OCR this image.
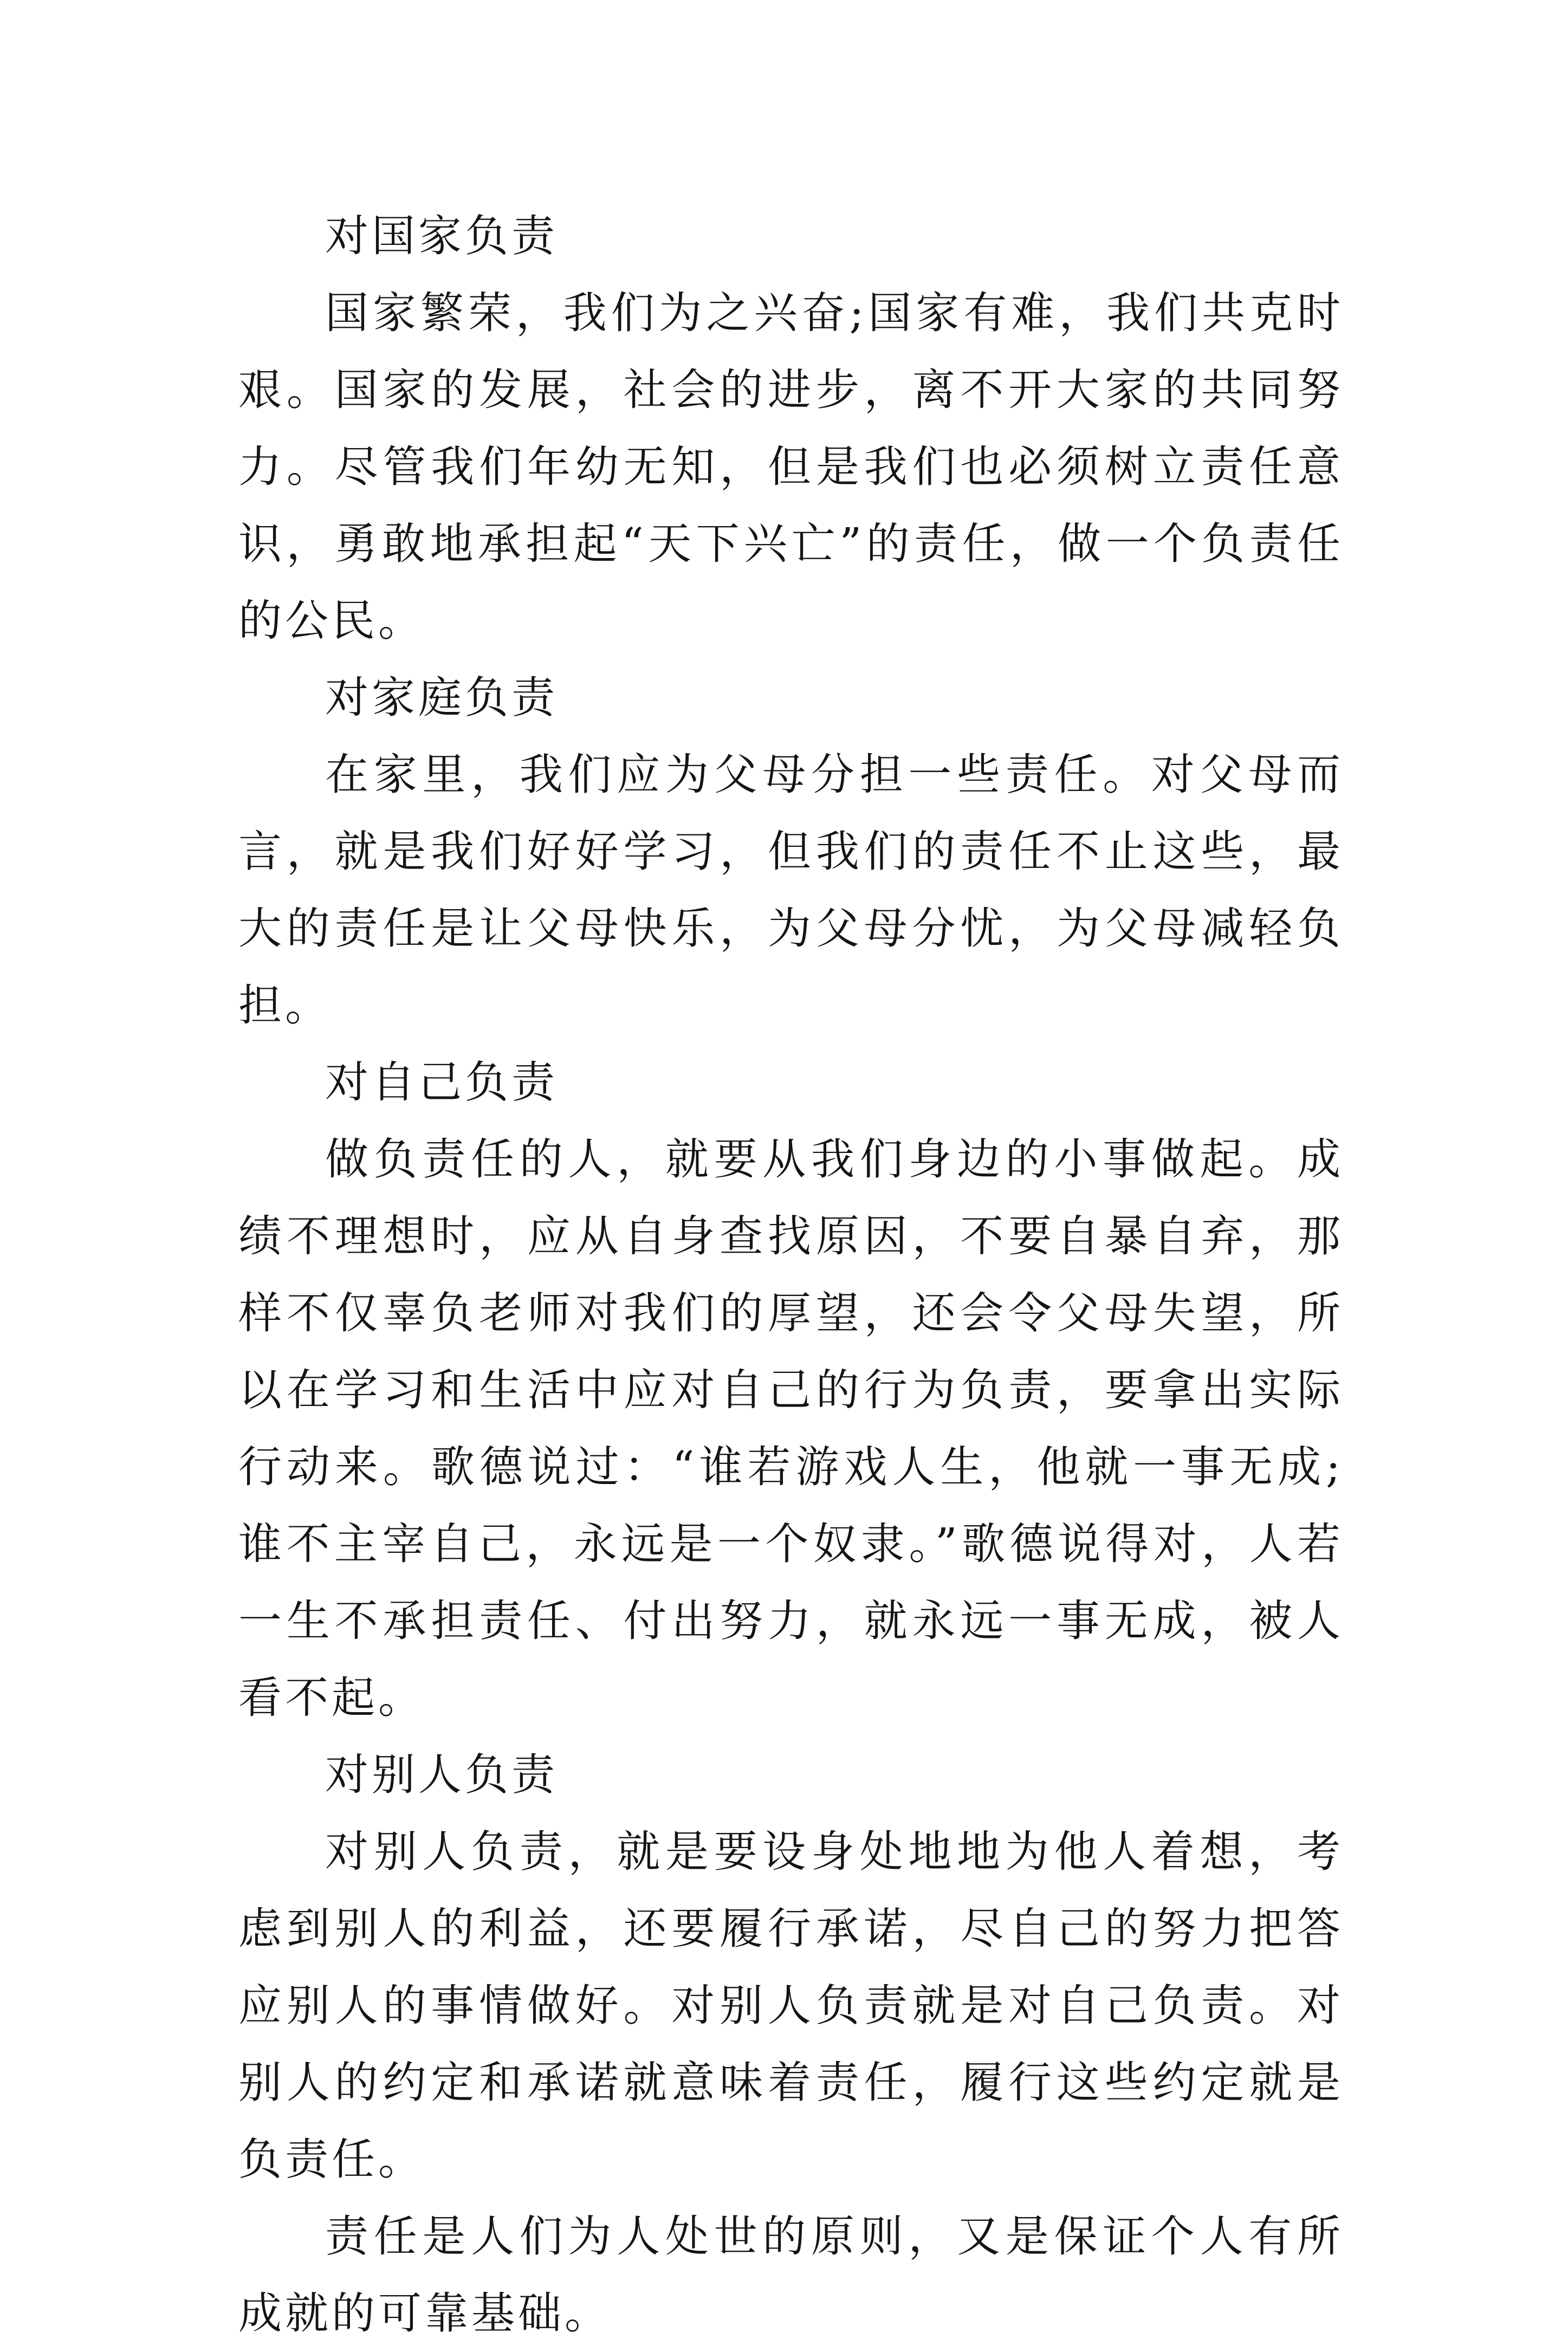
对国家负责

国家繁荣，我们为之兴奋;国家有难，我们共克时艰。国家的发展，社会的进步，离不开大家的共同努力。尽管我们年幼无知，但是我们也必须树立责任意识，勇敢地承担起“天下兴亡”的责任，做一个负责任的公民。

对家庭负责

在家里，我们应为父母分担一些责任。对父母而言，就是我们好好学习，但我们的责任不止这些，最大的责任是让父母快乐，为父母分忧，为父母减轻负担。

对自己负责

做负责任的人，就要从我们身边的小事做起。成绩不理想时，应从自身查找原因，不要自暴自弃，那样不仅辜负老师对我们的厚望，还会令父母失望，所以在学习和生活中应对自己的行为负责，要拿出实际行动来。歌德说过：“谁若游戏人生，他就一事无成;谁不主宰自己，永远是一个奴隶。”歌德说得对，人若一生不承担责任、付出努力，就永远一事无成，被人看不起。

对别人负责

对别人负责，就是要设身处地地为他人着想，考虑到别人的利益，还要履行承诺，尽自己的努力把答应别人的事情做好。对别人负责就是对自己负责。对别人的约定和承诺就意味着责任，履行这些约定就是负责任。

责任是人们为人处世的原则，又是保证个人有所成就的可靠基础。
